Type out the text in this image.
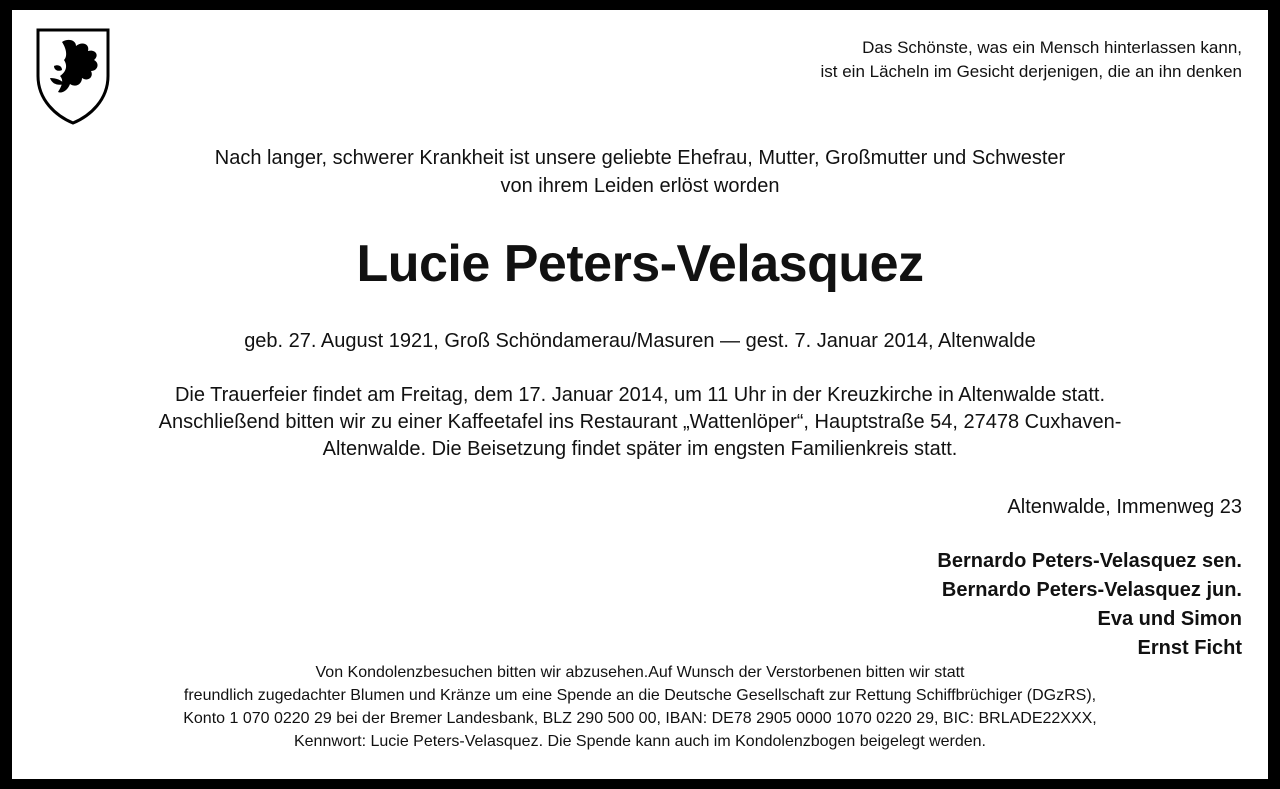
Das Schönste, was ein Mensch hinterlassen kann,
ist ein Lächeln im Gesicht derjenigen, die an ihn denken
Nach langer, schwerer Krankheit ist unsere geliebte Ehefrau, Mutter, Großmutter und Schwester
von ihrem Leiden erlöst worden
Lucie Peters-Velasquez
geb. 27. August 1921, Groß Schöndamerau/Masuren — gest. 7. Januar 2014, Altenwalde
Die Trauerfeier findet am Freitag, dem 17. Januar 2014, um 11 Uhr in der Kreuzkirche in Altenwalde statt.
Anschließend bitten wir zu einer Kaffeetafel ins Restaurant „Wattenlöper“, Hauptstraße 54, 27478 Cuxhaven-
Altenwalde. Die Beisetzung findet später im engsten Familienkreis statt.
Altenwalde, Immenweg 23
Bernardo Peters-Velasquez sen.
Bernardo Peters-Velasquez jun.
Eva und Simon
Ernst Ficht
Von Kondolenzbesuchen bitten wir abzusehen.Auf Wunsch der Verstorbenen bitten wir statt
freundlich zugedachter Blumen und Kränze um eine Spende an die Deutsche Gesellschaft zur Rettung Schiffbrüchiger (DGzRS),
Konto 1 070 0220 29 bei der Bremer Landesbank, BLZ 290 500 00, IBAN: DE78 2905 0000 1070 0220 29, BIC: BRLADE22XXX,
Kennwort: Lucie Peters-Velasquez. Die Spende kann auch im Kondolenzbogen beigelegt werden.
